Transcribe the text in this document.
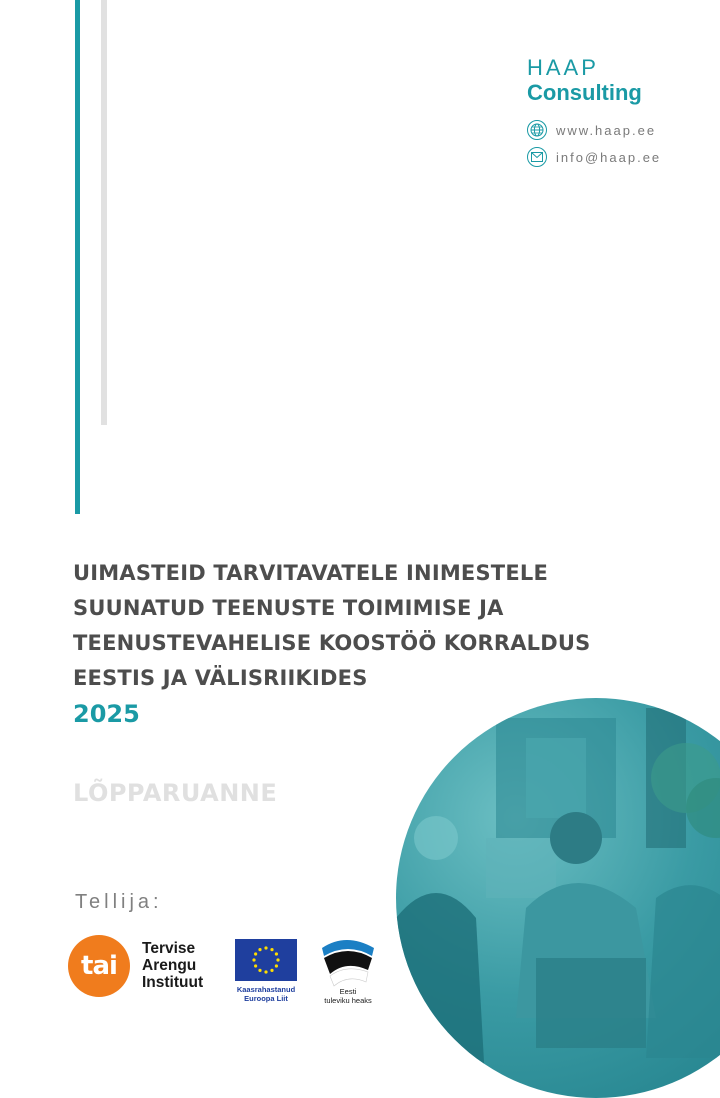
HAAP
Consulting
www.haap.ee
info@haap.ee
UIMASTEID TARVITAVATELE INIMESTELE
SUUNATUD TEENUSTE TOIMIMISE JA
TEENUSTEVAHELISE KOOSTÖÖ KORRALDUS
EESTIS JA VÄLISRIIKIDES
2025
LÕPPARUANNE
Tellija:
tai
Tervise
Arengu
Instituut	Kaasrahastanud
Euroopa Liit
Eesti
tuleviku heaks
